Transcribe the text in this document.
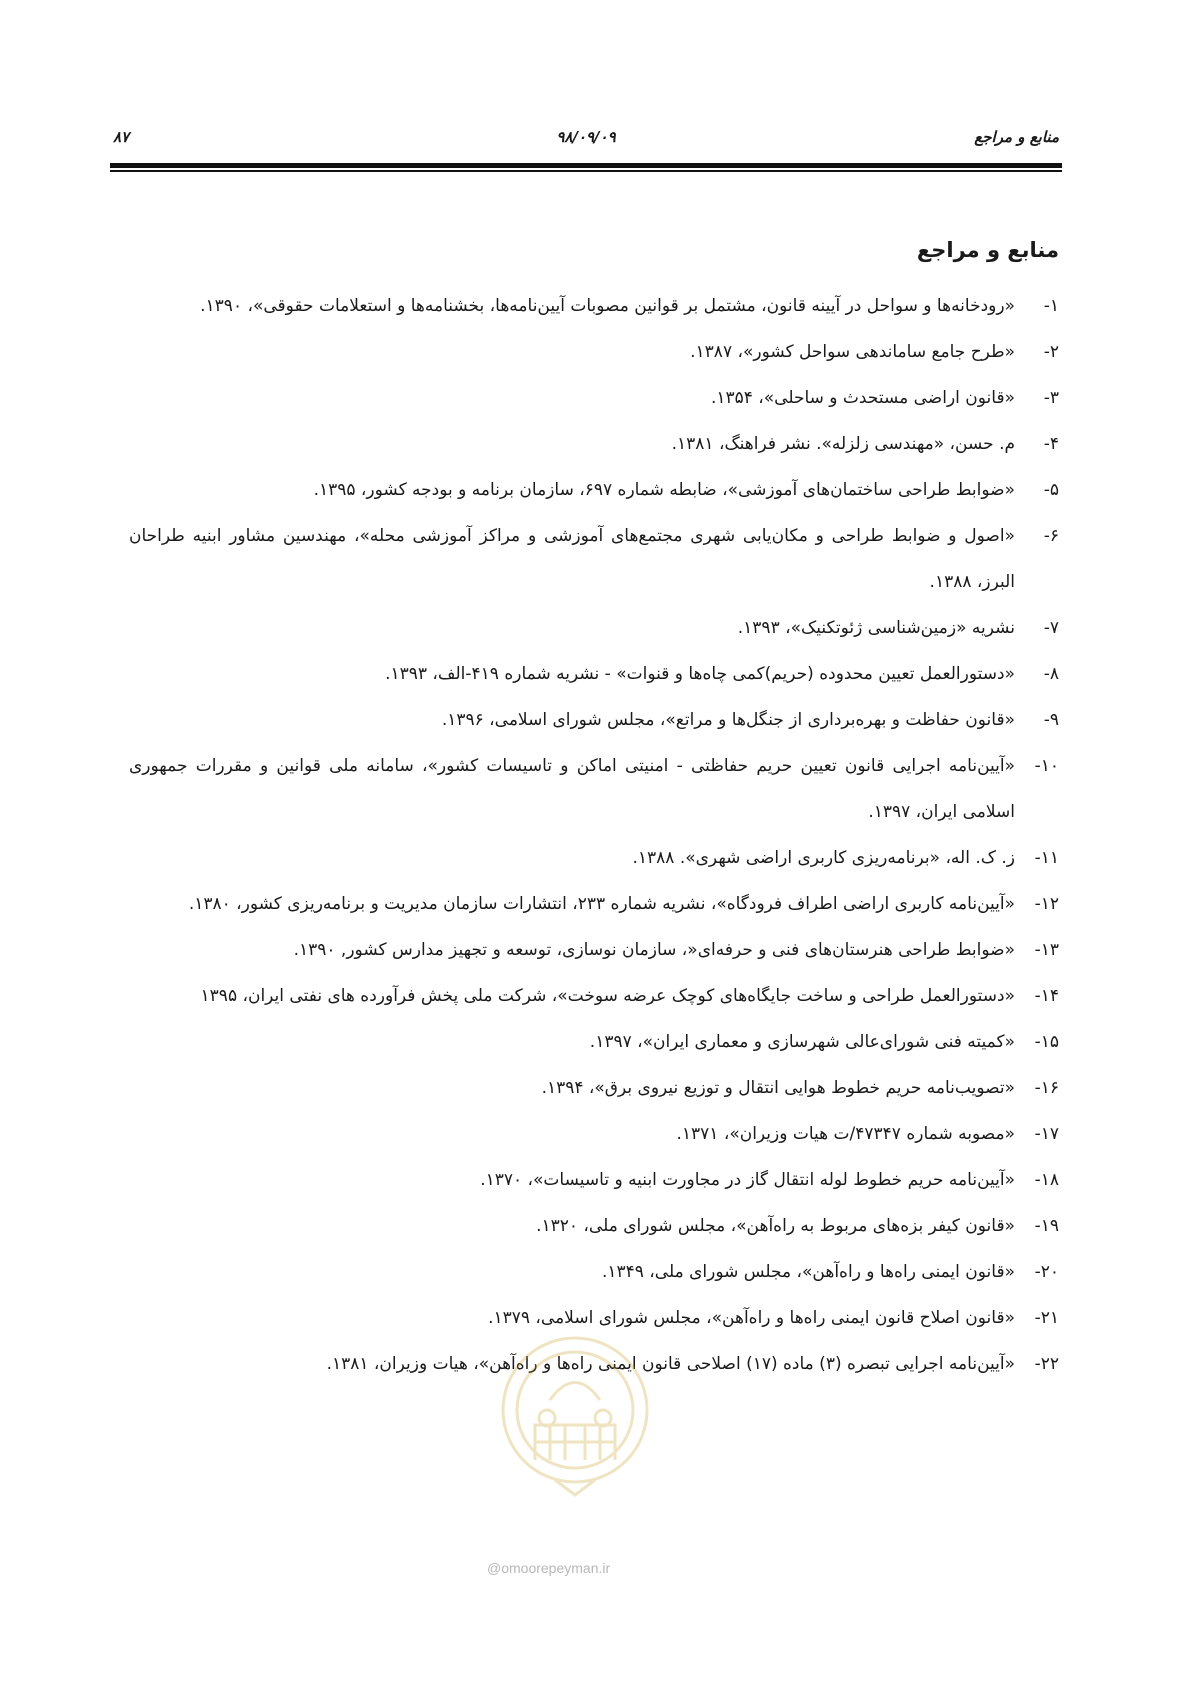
منابع و مراجع
۹۸/۰۹/۰۹
۸۷
منابع و مراجع
۱-
«رودخانه‌ها و سواحل در آیینه قانون، مشتمل بر قوانین مصوبات آیین‌نامه‌ها، بخشنامه‌ها و استعلامات حقوقی»، ۱۳۹۰.
۲-
«طرح جامع ساماندهی سواحل کشور»، ۱۳۸۷.
۳-
«قانون اراضی مستحدث و ساحلی»، ۱۳۵۴.
۴-
م. حسن، «مهندسی زلزله». نشر فراهنگ، ۱۳۸۱.
۵-
«ضوابط طراحی ساختمان‌های آموزشی»، ضابطه شماره ۶۹۷، سازمان برنامه و بودجه کشور، ۱۳۹۵.
۶-
«اصول و ضوابط طراحی و مکان‌یابی شهری مجتمع‌های آموزشی و مراکز آموزشی محله»، مهندسین مشاور ابنیه طراحان البرز، ۱۳۸۸.
۷-
نشریه «زمین‌شناسی ژئوتکنیک»، ۱۳۹۳.
۸-
«دستورالعمل تعیین محدوده (حریم)کمی چاه‌ها و قنوات» - نشریه شماره ۴۱۹-الف، ۱۳۹۳.
۹-
«قانون حفاظت و بهره‌برداری از جنگل‌ها و مراتع»، مجلس شورای اسلامی، ۱۳۹۶.
۱۰-
«آیین‌نامه اجرایی قانون تعیین حریم حفاظتی - امنیتی اماکن و تاسیسات کشور»، سامانه ملی قوانین و مقررات جمهوری اسلامی ایران، ۱۳۹۷.
۱۱-
ز. ک. اله، «برنامه‌ریزی کاربری اراضی شهری». ۱۳۸۸.
۱۲-
«آیین‌نامه کاربری اراضی اطراف فرودگاه»، نشریه شماره ۲۳۳، انتشارات سازمان مدیریت و برنامه‌ریزی کشور، ۱۳۸۰.
۱۳-
«ضوابط طراحی هنرستان‌های فنی و حرفه‌ای«، سازمان نوسازی، توسعه و تجهیز مدارس کشور, ۱۳۹۰.
۱۴-
«دستورالعمل طراحی و ساخت جایگاه‌های کوچک عرضه سوخت»، شرکت ملی پخش فرآورده های نفتی ایران، ۱۳۹۵
۱۵-
«کمیته فنی شورای‌عالی شهرسازی و معماری ایران»، ۱۳۹۷.
۱۶-
«تصویب‌نامه حریم خطوط هوایی انتقال و توزیع نیروی برق»، ۱۳۹۴.
۱۷-
«مصوبه شماره ۴۷۳۴۷/ت هیات وزیران»، ۱۳۷۱.
۱۸-
«آیین‌نامه حریم خطوط لوله انتقال گاز در مجاورت ابنیه و تاسیسات»، ۱۳۷۰.
۱۹-
«قانون کیفر بزه‌های مربوط به راه‌آهن»، مجلس شورای ملی، ۱۳۲۰.
۲۰-
«قانون ایمنی راه‌ها و راه‌آهن»، مجلس شورای ملی، ۱۳۴۹.
۲۱-
«قانون اصلاح قانون ایمنی راه‌ها و راه‌آهن»، مجلس شورای اسلامی، ۱۳۷۹.
۲۲-
«آیین‌نامه اجرایی تبصره (۳) ماده (۱۷) اصلاحی قانون ایمنی راه‌ها و راه‌آهن»، هیات وزیران، ۱۳۸۱.
@omoorepeyman.ir
